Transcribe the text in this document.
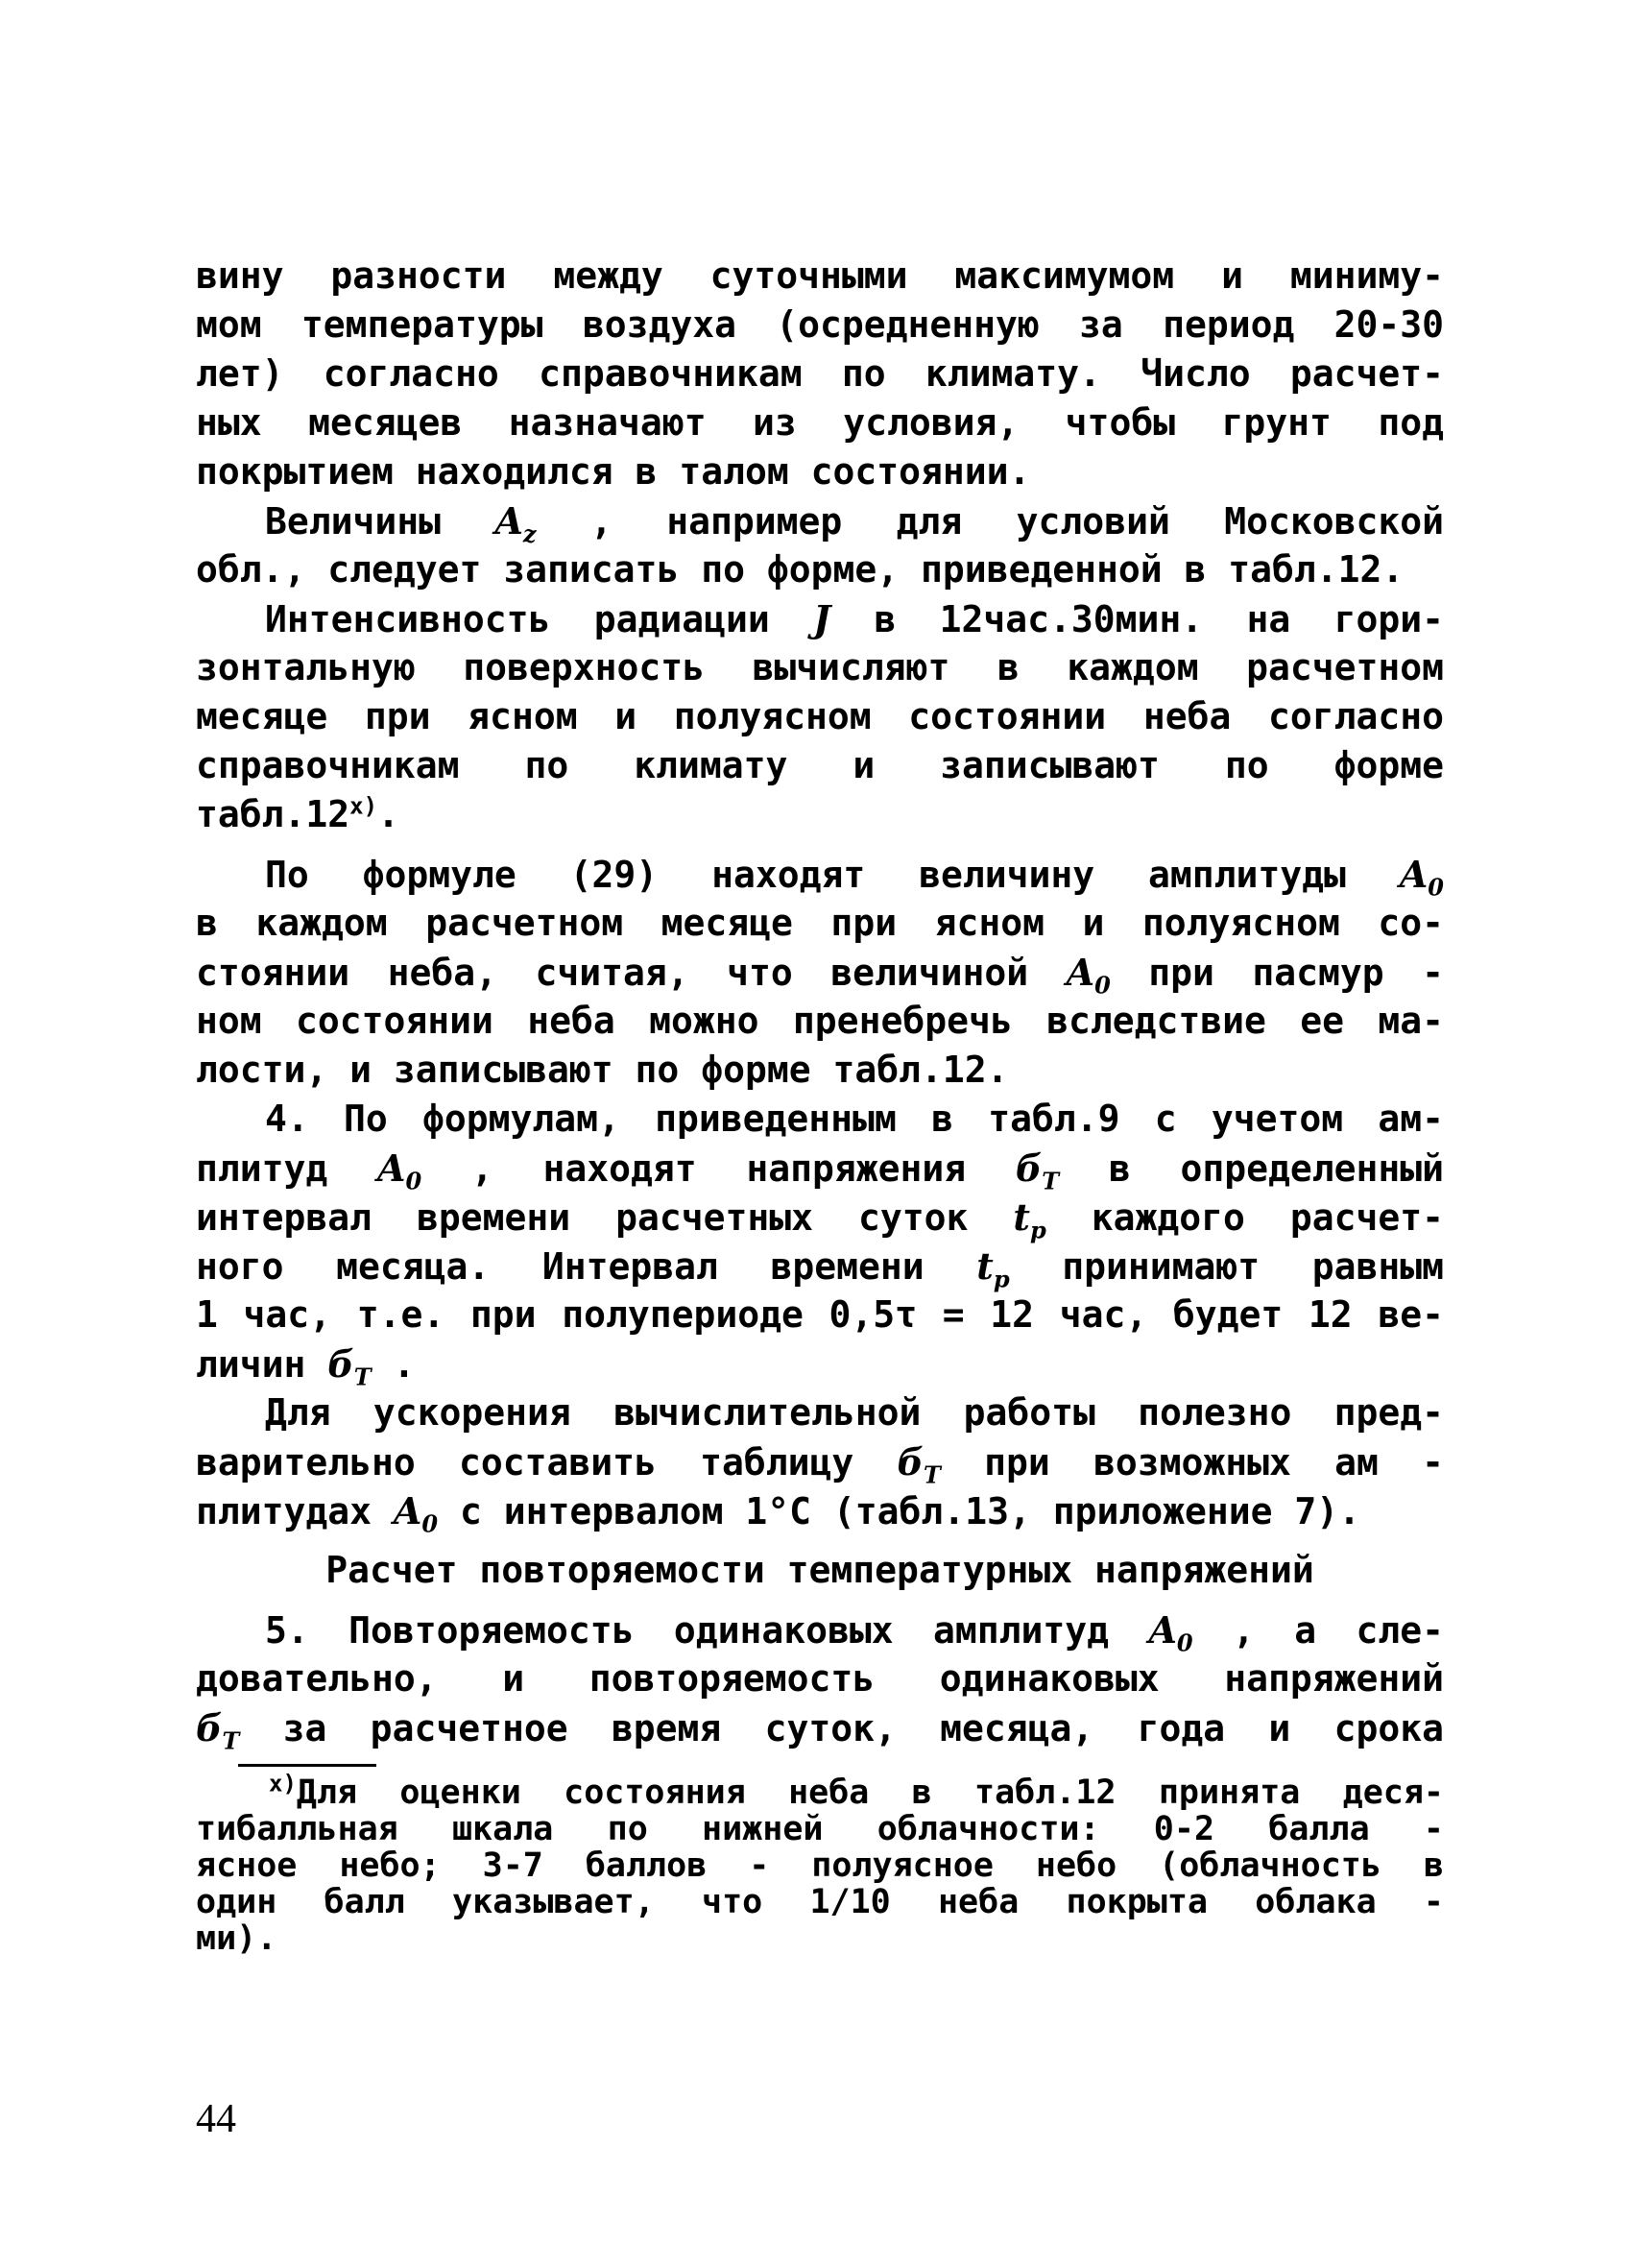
вину разности между суточными максимумом и миниму-
мом температуры воздуха (осредненную за период 20-30
лет) согласно справочникам по климату. Число расчет-
ных месяцев назначают из условия, чтобы грунт под
покрытием находился в талом состоянии.
Величины $A_z$ , например для условий Московской
обл., следует записать по форме, приведенной в табл.12.
Интенсивность радиации J в 12час.30мин. на гори-
зонтальную поверхность вычисляют в каждом расчетном
месяце при ясном и полуясном состоянии неба согласно
справочникам по климату и записывают по форме
$табл.12^{х)}$.
По формуле (29) находят величину амплитуды $A_0$
в каждом расчетном месяце при ясном и полуясном со-
стоянии неба, считая, что величиной $A_0$ при пасмур -
ном состоянии неба можно пренебречь вследствие ее ма-
лости, и записывают по форме табл.12.
4. По формулам, приведенным в табл.9 с учетом ам-
плитуд $A_0$ , находят напряжения $б_T$ в определенный
интервал времени расчетных суток $t_p$ каждого расчет-
ного месяца. Интервал времени $t_p$ принимают равным
1 час, т.е. при полупериоде 0,5τ = 12 час, будет 12 ве-
личин $б_T$ .
Для ускорения вычислительной работы полезно пред-
варительно составить таблицу $б_T$ при возможных ам -
плитудах $A_0$ с интервалом 1°С (табл.13, приложение 7).
Расчет повторяемости температурных напряжений
5. Повторяемость одинаковых амплитуд $A_0$ , а сле-
довательно, и повторяемость одинаковых напряжений
$б_T$ за расчетное время суток, месяца, года и срока
$^{х)}$Для оценки состояния неба в табл.12 принята деся-
тибалльная шкала по нижней облачности: 0-2 балла -
ясное небо; 3-7 баллов - полуясное небо (облачность в
один балл указывает, что 1/10 неба покрыта облака -
ми).
44
